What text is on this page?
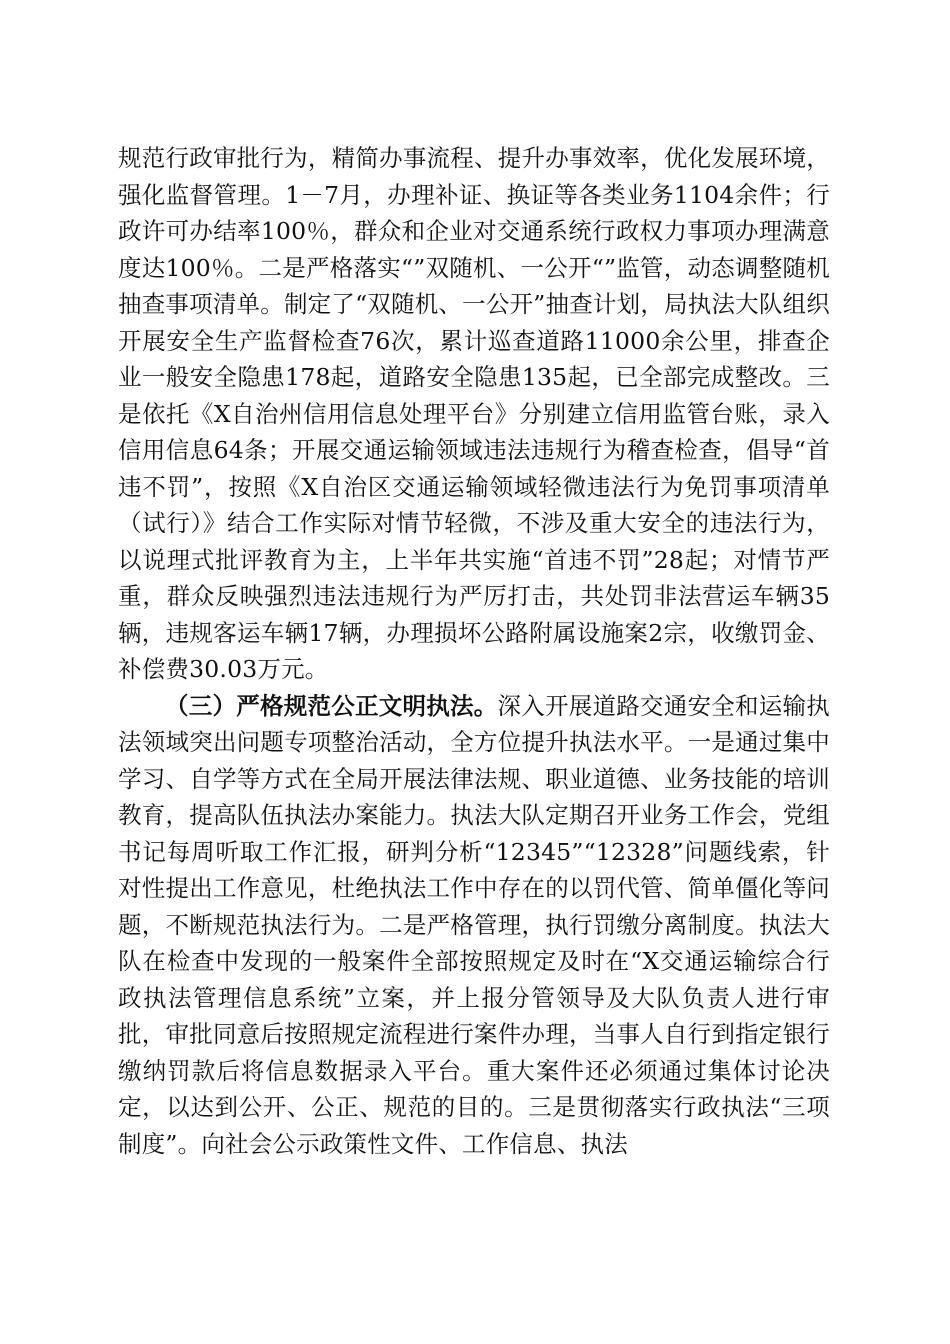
规范行政审批行为，精简办事流程、提升办事效率，优化发展环境，强化监督管理。1－7月，办理补证、换证等各类业务1104余件；行政许可办结率100％，群众和企业对交通系统行政权力事项办理满意度达100％。二是严格落实“”双随机、一公开“”监管，动态调整随机抽查事项清单。制定了“双随机、一公开”抽查计划，局执法大队组织开展安全生产监督检查76次，累计巡查道路11000余公里，排查企业一般安全隐患178起，道路安全隐患135起，已全部完成整改。三是依托《X自治州信用信息处理平台》分别建立信用监管台账，录入信用信息64条；开展交通运输领域违法违规行为稽查检查，倡导“首违不罚”，按照《X自治区交通运输领域轻微违法行为免罚事项清单（试行）》结合工作实际对情节轻微，不涉及重大安全的违法行为，以说理式批评教育为主，上半年共实施“首违不罚”28起；对情节严重，群众反映强烈违法违规行为严厉打击，共处罚非法营运车辆35辆，违规客运车辆17辆，办理损坏公路附属设施案2宗，收缴罚金、补偿费30.03万元。

（三）严格规范公正文明执法。深入开展道路交通安全和运输执法领域突出问题专项整治活动，全方位提升执法水平。一是通过集中学习、自学等方式在全局开展法律法规、职业道德、业务技能的培训教育，提高队伍执法办案能力。执法大队定期召开业务工作会，党组书记每周听取工作汇报，研判分析“12345”“12328”问题线索，针对性提出工作意见，杜绝执法工作中存在的以罚代管、简单僵化等问题，不断规范执法行为。二是严格管理，执行罚缴分离制度。执法大队在检查中发现的一般案件全部按照规定及时在“X交通运输综合行政执法管理信息系统”立案，并上报分管领导及大队负责人进行审批，审批同意后按照规定流程进行案件办理，当事人自行到指定银行缴纳罚款后将信息数据录入平台。重大案件还必须通过集体讨论决定，以达到公开、公正、规范的目的。三是贯彻落实行政执法“三项制度”。向社会公示政策性文件、工作信息、执法
